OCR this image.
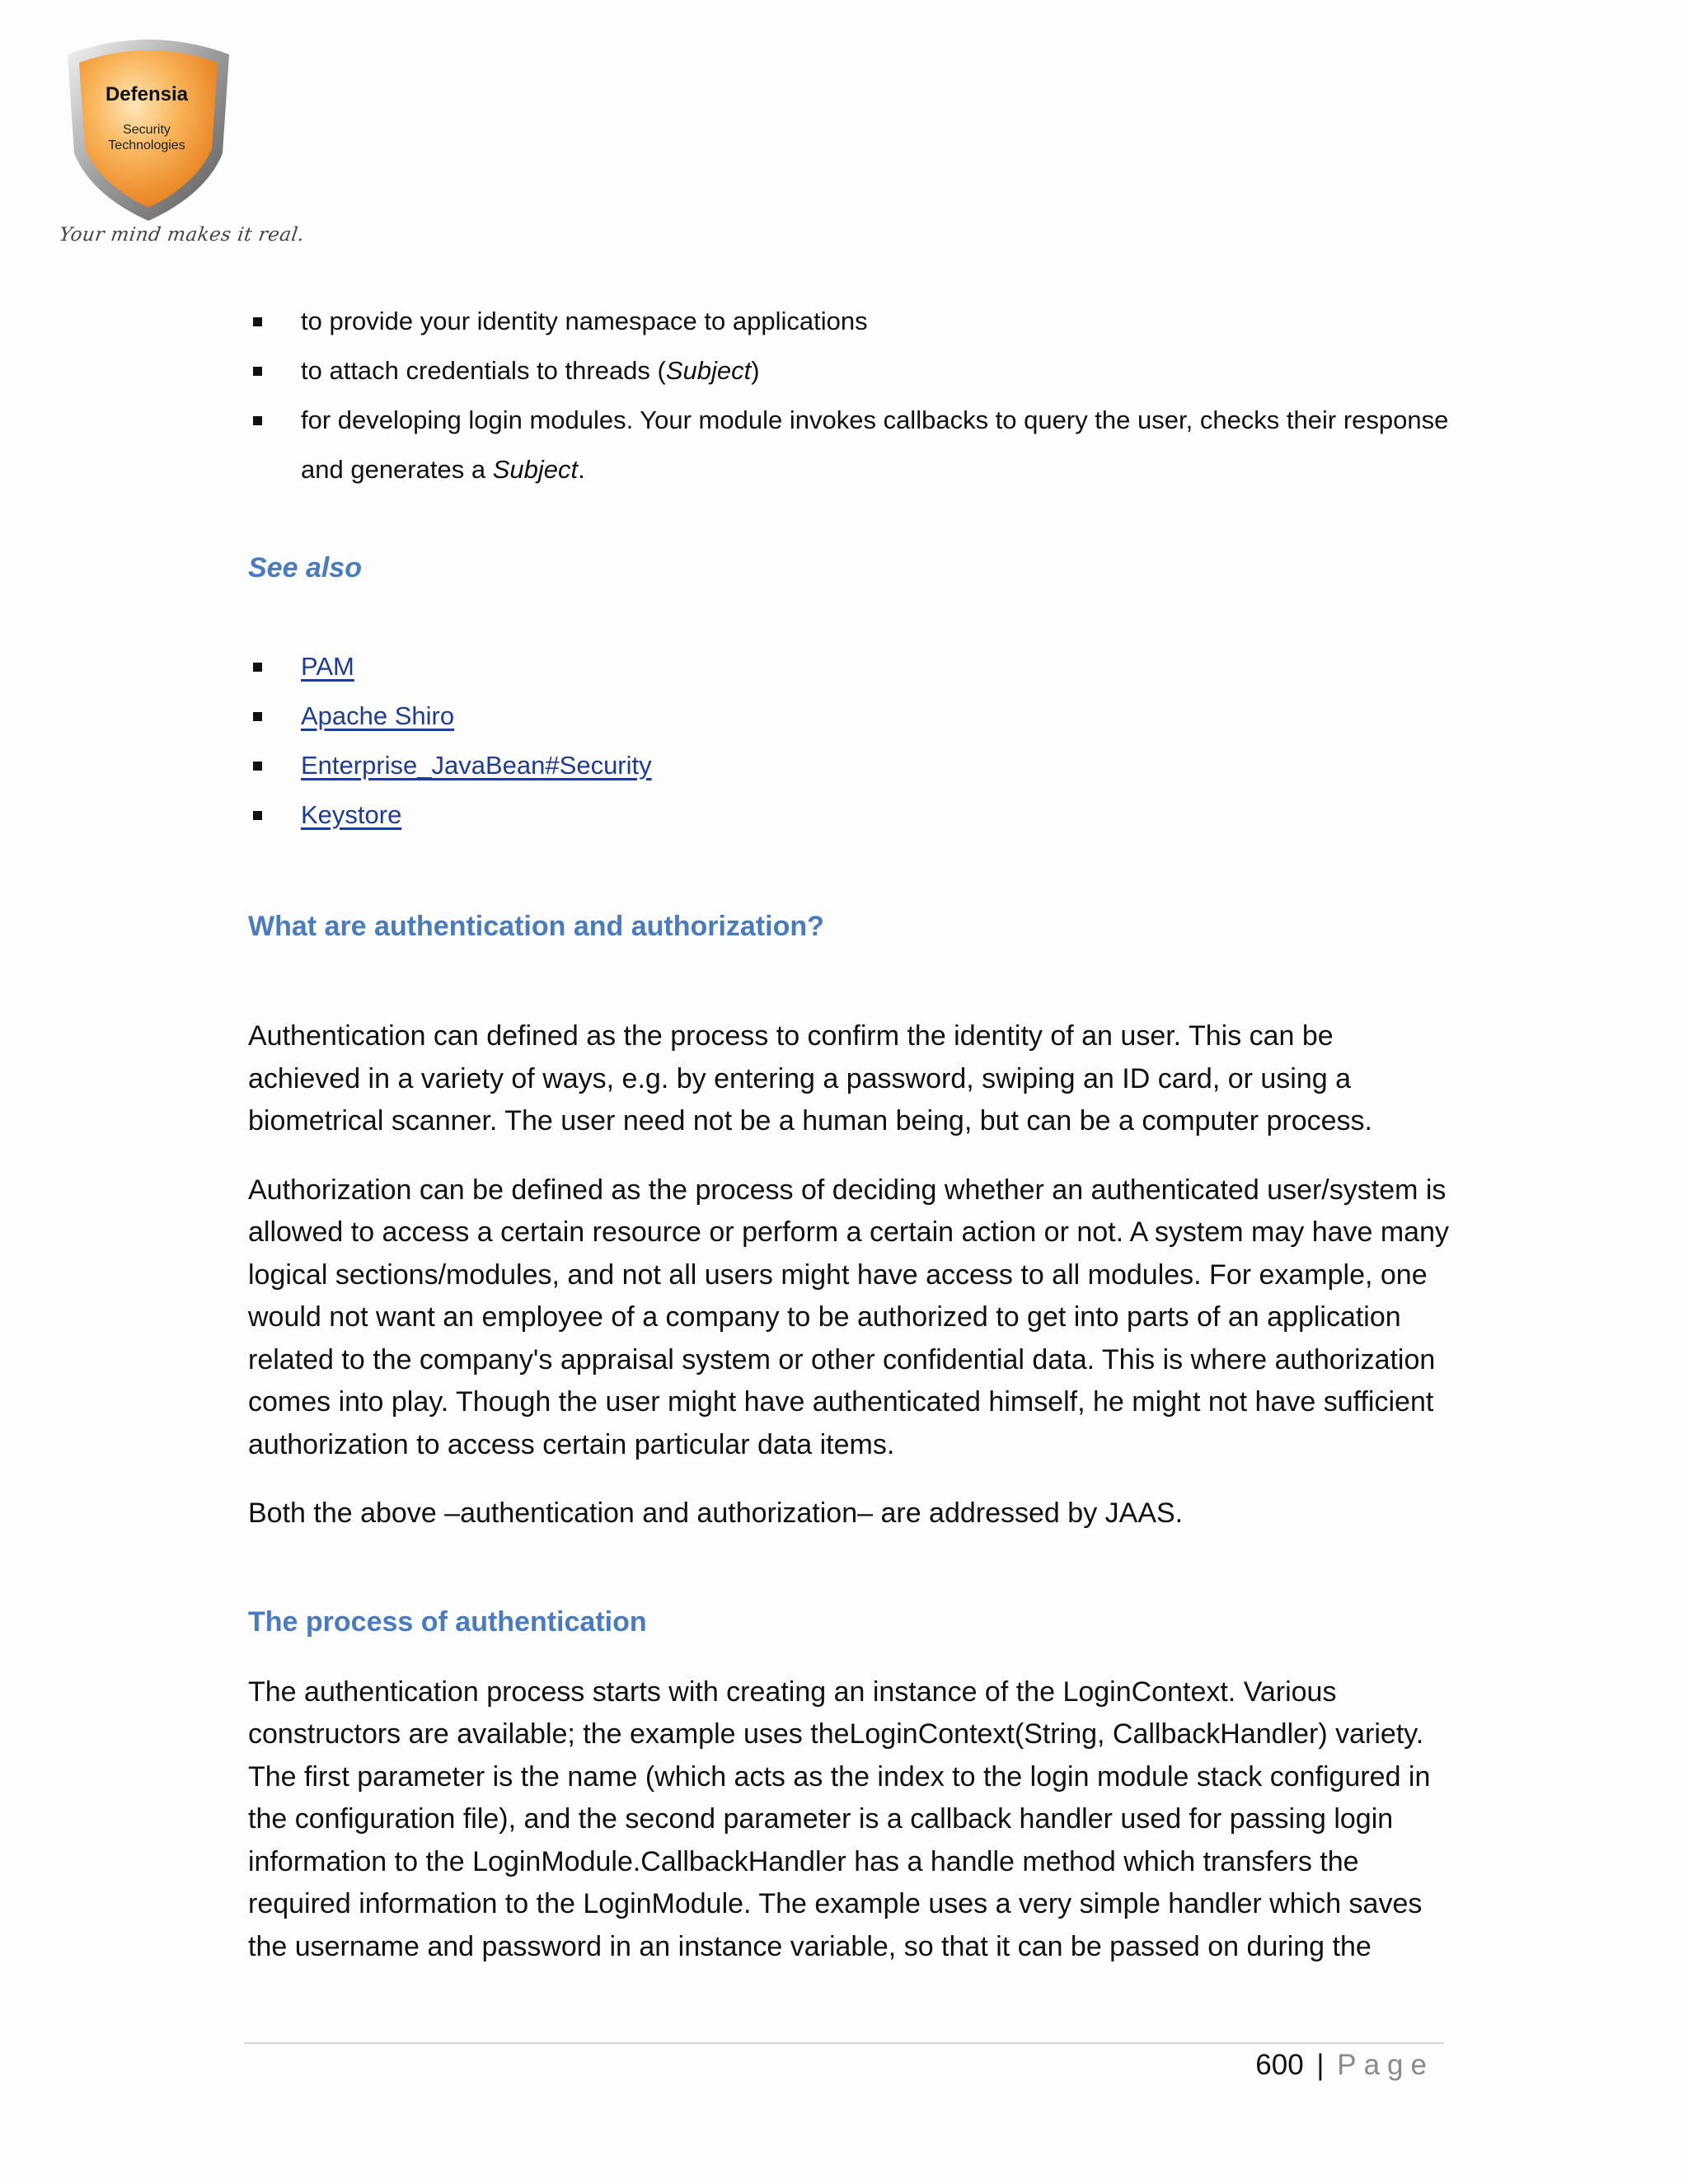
Defensia
Security
Technologies
Your mind makes it real.
to provide your identity namespace to applications
to attach credentials to threads (Subject)
for developing login modules. Your module invokes callbacks to query the user, checks their response and generates a Subject.
See also
PAM
Apache Shiro
Enterprise_JavaBean#Security
Keystore
What are authentication and authorization?

Authentication can defined as the process to confirm the identity of an user. This can be achieved in a variety of ways, e.g. by entering a password, swiping an ID card, or using a biometrical scanner. The user need not be a human being, but can be a computer process.

Authorization can be defined as the process of deciding whether an authenticated user/system is allowed to access a certain resource or perform a certain action or not. A system may have many logical sections/modules, and not all users might have access to all modules. For example, one would not want an employee of a company to be authorized to get into parts of an application related to the company's appraisal system or other confidential data. This is where authorization comes into play. Though the user might have authenticated himself, he might not have sufficient authorization to access certain particular data items.

Both the above –authentication and authorization– are addressed by JAAS.

The process of authentication

The authentication process starts with creating an instance of the LoginContext. Various constructors are available; the example uses theLoginContext(String, CallbackHandler) variety. The first parameter is the name (which acts as the index to the login module stack configured in the configuration file), and the second parameter is a callback handler used for passing login information to the LoginModule.CallbackHandler has a handle method which transfers the required information to the LoginModule. The example uses a very simple handler which saves the username and password in an instance variable, so that it can be passed on during the

600 | Page
